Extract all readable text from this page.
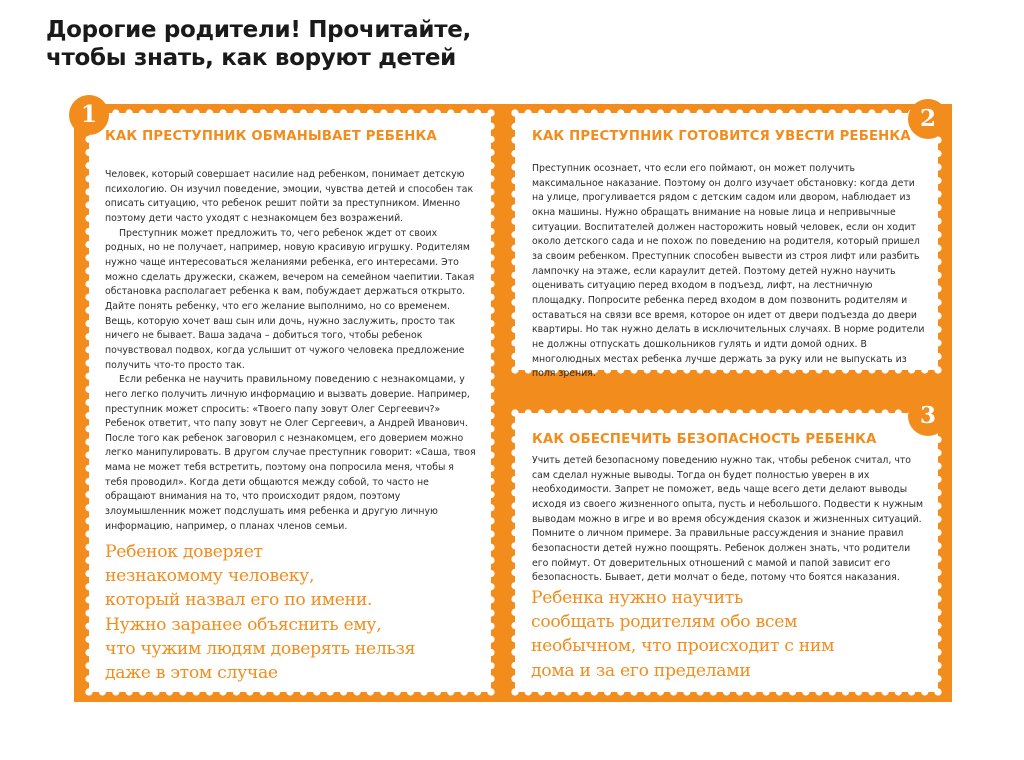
Дорогие родители! Прочитайте,
чтобы знать, как воруют детей
1	2
3
КАК ПРЕСТУПНИК ОБМАНЫВАЕТ РЕБЕНКА

Человек, который совершает насилие над ребенком, понимает детскую психологию. Он изучил поведение, эмоции, чувства детей и способен так описать ситуацию, что ребенок решит пойти за преступником. Именно поэтому дети часто уходят с незнакомцем без возражений.

Преступник может предложить то, чего ребенок ждет от своих родных, но не получает, например, новую красивую игрушку. Родителям нужно чаще интересоваться желаниями ребенка, его интересами. Это можно сделать дружески, скажем, вечером на семейном чаепитии. Такая обстановка располагает ребенка к вам, побуждает держаться открыто. Дайте понять ребенку, что его желание выполнимо, но со временем. Вещь, которую хочет ваш сын или дочь, нужно заслужить, просто так ничего не бывает. Ваша задача – добиться того, чтобы ребенок почувствовал подвох, когда услышит от чужого человека предложение получить что-то просто так.

Если ребенка не научить правильному поведению с незнакомцами, у него легко получить личную информацию и вызвать доверие. Например, преступник может спросить: «Твоего папу зовут Олег Сергеевич?» Ребенок ответит, что папу зовут не Олег Сергеевич, а Андрей Иванович. После того как ребенок заговорил с незнакомцем, его доверием можно легко манипулировать. В другом случае преступник говорит: «Саша, твоя мама не может тебя встретить, поэтому она попросила меня, чтобы я тебя проводил». Когда дети общаются между собой, то часто не обращают внимания на то, что происходит рядом, поэтому злоумышленник может подслушать имя ребенка и другую личную информацию, например, о планах членов семьи.

Ребенок доверяет
незнакомому человеку,
который назвал его по имени.
Нужно заранее объяснить ему,
что чужим людям доверять нельзя
даже в этом случае
КАК ПРЕСТУПНИК ГОТОВИТСЯ УВЕСТИ РЕБЕНКА

Преступник осознает, что если его поймают, он может получить максимальное наказание. Поэтому он долго изучает обстановку: когда дети на улице, прогуливается рядом с детским садом или двором, наблюдает из окна машины. Нужно обращать внимание на новые лица и непривычные ситуации. Воспитателей должен насторожить новый человек, если он ходит около детского сада и не похож по поведению на родителя, который пришел за своим ребенком. Преступник способен вывести из строя лифт или разбить лампочку на этаже, если караулит детей. Поэтому детей нужно научить оценивать ситуацию перед входом в подъезд, лифт, на лестничную площадку. Попросите ребенка перед входом в дом позвонить родителям и оставаться на связи все время, которое он идет от двери подъезда до двери квартиры. Но так нужно делать в исключительных случаях. В норме родители не должны отпускать дошкольников гулять и идти домой одних. В многолюдных местах ребенка лучше держать за руку или не выпускать из поля зрения.

КАК ОБЕСПЕЧИТЬ БЕЗОПАСНОСТЬ РЕБЕНКА

Учить детей безопасному поведению нужно так, чтобы ребенок считал, что сам сделал нужные выводы. Тогда он будет полностью уверен в их необходимости. Запрет не поможет, ведь чаще всего дети делают выводы исходя из своего жизненного опыта, пусть и небольшого. Подвести к нужным выводам можно в игре и во время обсуждения сказок и жизненных ситуаций. Помните о личном примере. За правильные рассуждения и знание правил безопасности детей нужно поощрять. Ребенок должен знать, что родители его поймут. От доверительных отношений с мамой и папой зависит его безопасность. Бывает, дети молчат о беде, потому что боятся наказания.

Ребенка нужно научить
сообщать родителям обо всем
необычном, что происходит с ним
дома и за его пределами
